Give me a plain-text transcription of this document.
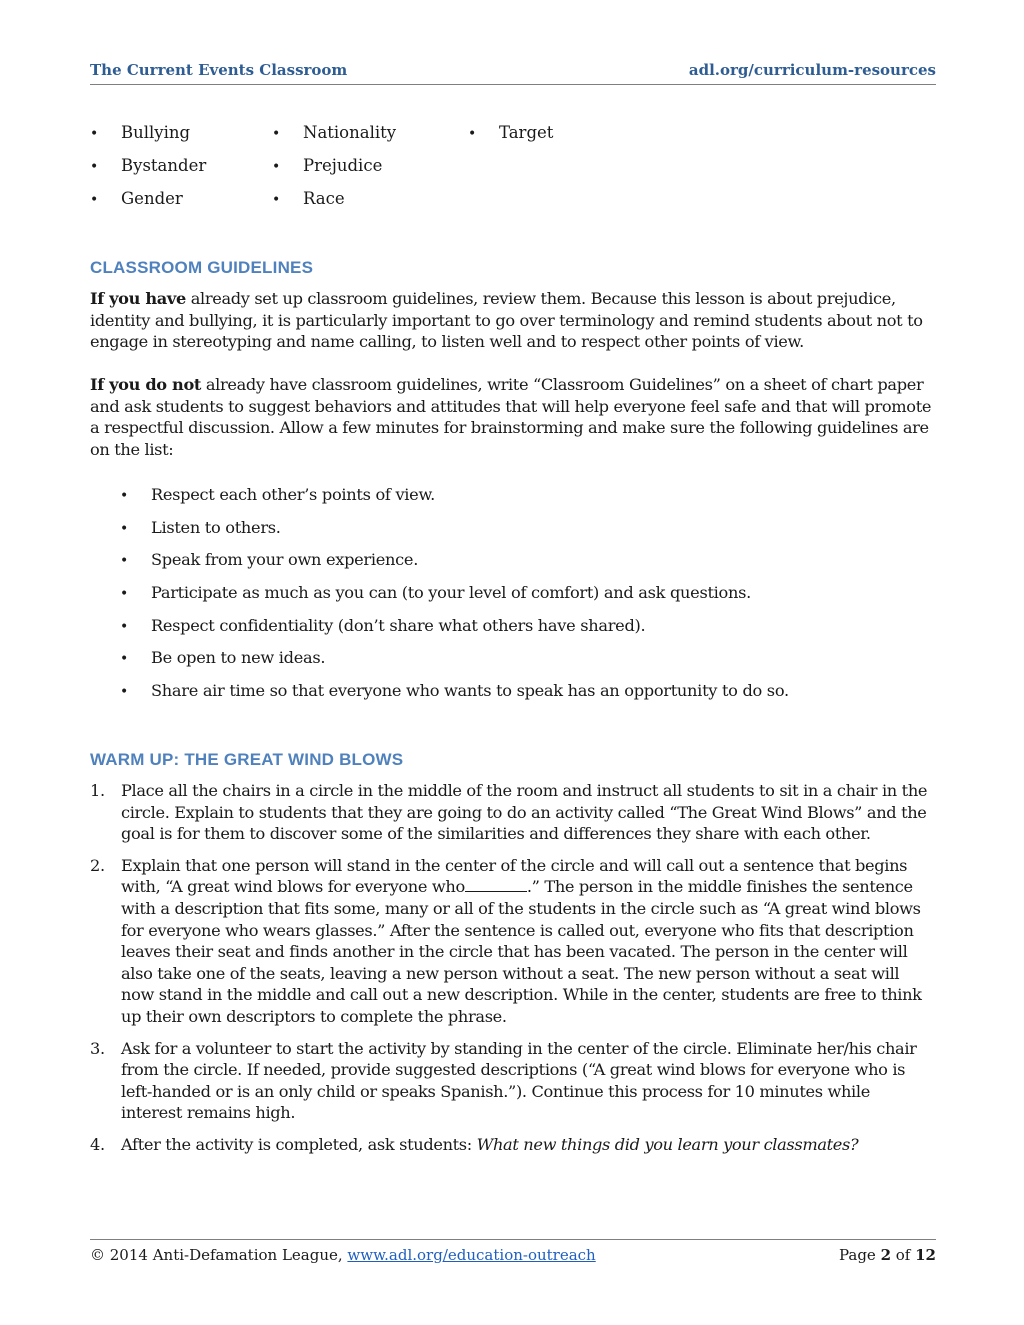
The Current Events Classroom	adl.org/curriculum-resources
• Bullying
• Bystander
• Gender
• Nationality
• Prejudice
• Race
• Target
CLASSROOM GUIDELINES

If you have already set up classroom guidelines, review them. Because this lesson is about prejudice, identity and bullying, it is particularly important to go over terminology and remind students about not to engage in stereotyping and name calling, to listen well and to respect other points of view.

If you do not already have classroom guidelines, write “Classroom Guidelines” on a sheet of chart paper and ask students to suggest behaviors and attitudes that will help everyone feel safe and that will promote a respectful discussion. Allow a few minutes for brainstorming and make sure the following guidelines are on the list:

• Respect each other’s points of view.
• Listen to others.
• Speak from your own experience.
• Participate as much as you can (to your level of comfort) and ask questions.
• Respect confidentiality (don’t share what others have shared).
• Be open to new ideas.
• Share air time so that everyone who wants to speak has an opportunity to do so.
WARM UP: THE GREAT WIND BLOWS
1. Place all the chairs in a circle in the middle of the room and instruct all students to sit in a chair in the circle. Explain to students that they are going to do an activity called “The Great Wind Blows” and the goal is for them to discover some of the similarities and differences they share with each other.
2. Explain that one person will stand in the center of the circle and will call out a sentence that begins with, “A great wind blows for everyone who	.” The person in the middle finishes the sentence with a description that fits some, many or all of the students in the circle such as “A great wind blows for everyone who wears glasses.” After the sentence is called out, everyone who fits that description leaves their seat and finds another in the circle that has been vacated. The person in the center will also take one of the seats, leaving a new person without a seat. The new person without a seat will now stand in the middle and call out a new description. While in the center, students are free to think up their own descriptors to complete the phrase.
3. Ask for a volunteer to start the activity by standing in the center of the circle. Eliminate her/his chair from the circle. If needed, provide suggested descriptions (“A great wind blows for everyone who is left-handed or is an only child or speaks Spanish.”). Continue this process for 10 minutes while interest remains high.
4. After the activity is completed, ask students: What new things did you learn your classmates?
© 2014 Anti-Defamation League, www.adl.org/education-outreach	Page 2 of 12
